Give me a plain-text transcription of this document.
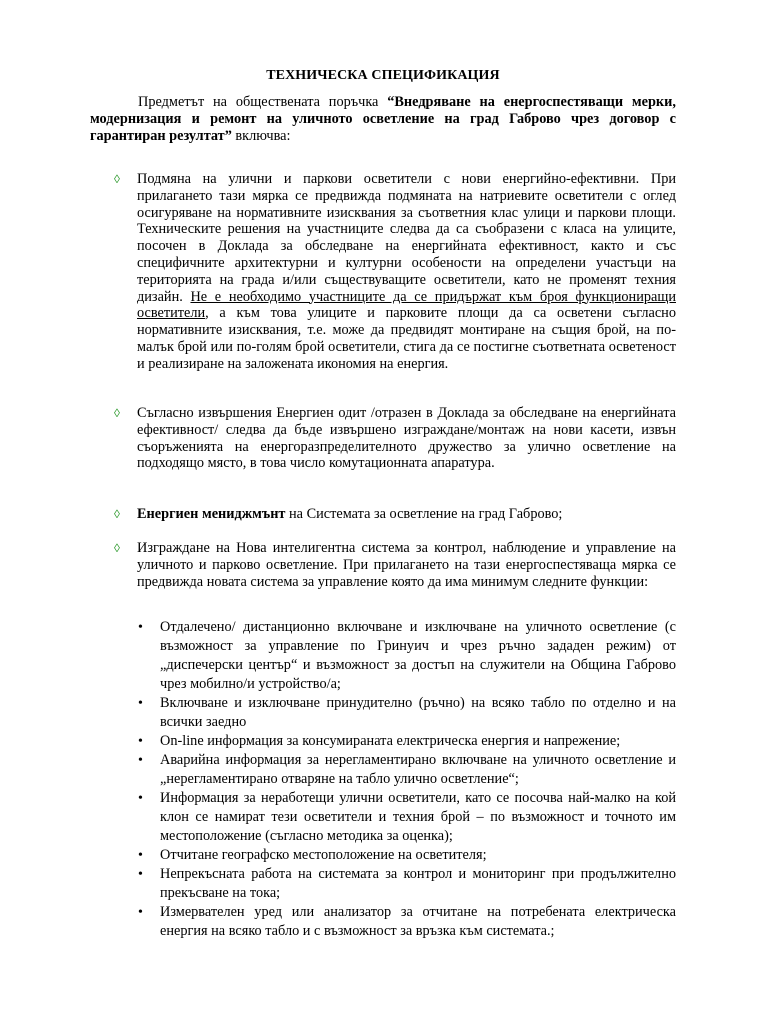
ТЕХНИЧЕСКА СПЕЦИФИКАЦИЯ

Предметът на обществената поръчка “Внедряване на енергоспестяващи мерки, модернизация и ремонт на уличното осветление на град Габрово чрез договор с гарантиран резултат” включва:

◊ Подмяна на улични и паркови осветители с нови енергийно-ефективни. При прилагането тази мярка се предвижда подмяната на натриевите осветители с оглед осигуряване на нормативните изисквания за съответния клас улици и паркови площи. Техническите решения на участниците следва да са съобразени с класа на улиците, посочен в Доклада за обследване на енергийната ефективност, както и със специфичните архитектурни и културни особености на определени участъци на територията на града и/или съществуващите осветители, като не променят техния дизайн. Не е необходимо участниците да се придържат към броя функциониращи осветители, а към това улиците и парковите площи да са осветени съгласно нормативните изисквания, т.е. може да предвидят монтиране на същия брой, на по-малък брой или по-голям брой осветители, стига да се постигне съответната осветеност и реализиране на заложената икономия на енергия.

◊ Съгласно извършения Енергиен одит /отразен в Доклада за обследване на енергийната ефективност/ следва да бъде извършено изграждане/монтаж на нови касети, извън съоръженията на енергоразпределителното дружество за улично осветление на подходящо място, в това число комутационната апаратура.

◊ Енергиен мениджмънт на Системата за осветление на град Габрово;

◊ Изграждане на Нова интелигентна система за контрол, наблюдение и управление на уличното и парково осветление. При прилагането на тази енергоспестяваща мярка се предвижда новата система за управление която да има минимум следните функции:

• Отдалечено/ дистанционно включване и изключване на уличното осветление (с възможност за управление по Гринуич и чрез ръчно зададен режим) от „диспечерски център“ и възможност за достъп на служители на Община Габрово чрез мобилно/и устройство/а;
• Включване и изключване принудително (ръчно) на всяко табло по отделно и на всички заедно
• On-line информация за консумираната електрическа енергия и напрежение;
• Аварийна информация за нерегламентирано включване на уличното осветление и „нерегламентирано отваряне на табло улично осветление“;
• Информация за неработещи улични осветители, като се посочва най-малко на кой клон се намират тези осветители и техния брой – по възможност и точното им местоположение (съгласно методика за оценка);
• Отчитане географско местоположение на осветителя;
• Непрекъсната работа на системата за контрол и мониторинг при продължително прекъсване на тока;
• Измервателен уред или анализатор за отчитане на потребената електрическа енергия на всяко табло и с възможност за връзка към системата.;
